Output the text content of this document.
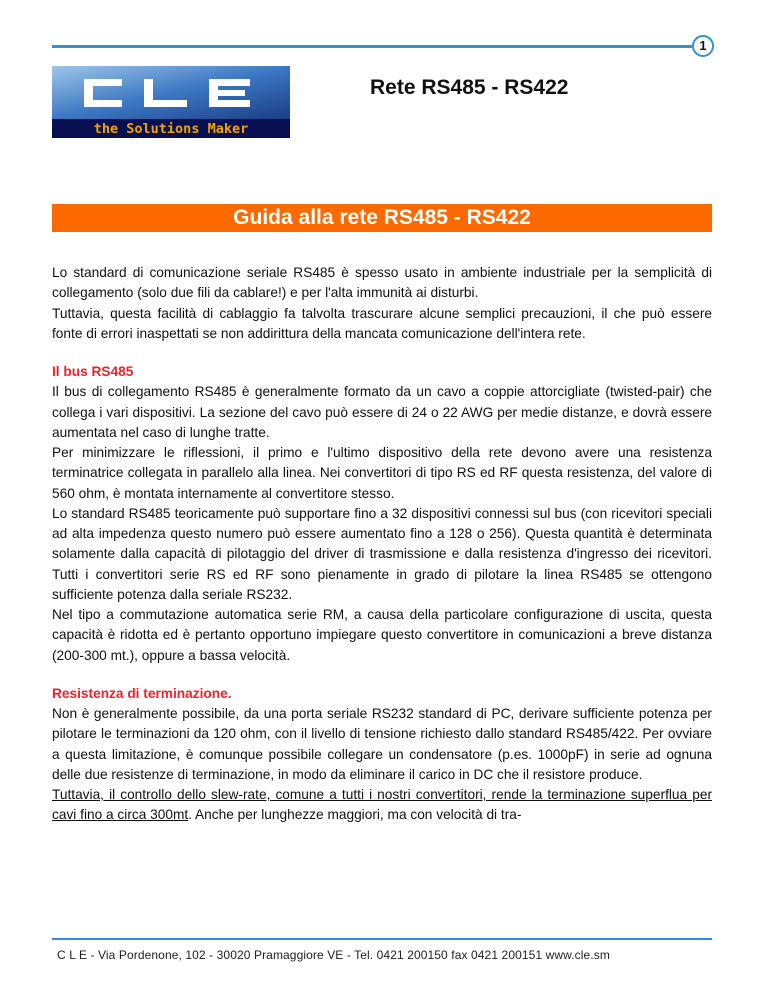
1
the Solutions Maker
Rete RS485 - RS422
Guida alla rete RS485 - RS422

Lo standard di comunicazione seriale RS485 è spesso usato in ambiente industriale per la semplicità di collegamento (solo due fili da cablare!) e per l'alta immunità ai disturbi.

Tuttavia, questa facilità di cablaggio fa talvolta trascurare alcune semplici precauzioni, il che può essere fonte di errori inaspettati se non addirittura della mancata comunicazione dell'intera rete.

Il bus RS485

Il bus di collegamento RS485 è generalmente formato da un cavo a coppie attorcigliate (twisted-pair) che collega i vari dispositivi. La sezione del cavo può essere di 24 o 22 AWG per medie distanze, e dovrà essere aumentata nel caso di lunghe tratte.

Per minimizzare le riflessioni, il primo e l'ultimo dispositivo della rete devono avere una resistenza terminatrice collegata in parallelo alla linea. Nei convertitori di tipo RS ed RF questa resistenza, del valore di 560 ohm, è montata internamente al convertitore stesso.

Lo standard RS485 teoricamente può supportare fino a 32 dispositivi connessi sul bus (con ricevitori speciali ad alta impedenza questo numero può essere aumentato fino a 128 o 256). Questa quantità è determinata solamente dalla capacità di pilotaggio del driver di trasmissione e dalla resistenza d'ingresso dei ricevitori. Tutti i convertitori serie RS ed RF sono pienamente in grado di pilotare la linea RS485 se ottengono sufficiente potenza dalla seriale RS232.

Nel tipo a commutazione automatica serie RM, a causa della particolare configurazione di uscita, questa capacità è ridotta ed è pertanto opportuno impiegare questo convertitore in comunicazioni a breve distanza (200-300 mt.), oppure a bassa velocità.

Resistenza di terminazione.

Non è generalmente possibile, da una porta seriale RS232 standard di PC, derivare sufficiente potenza per pilotare le terminazioni da 120 ohm, con il livello di tensione richiesto dallo standard RS485/422. Per ovviare a questa limitazione, è comunque possibile collegare un condensatore (p.es. 1000pF) in serie ad ognuna delle due resistenze di terminazione, in modo da eliminare il carico in DC che il resistore produce.

Tuttavia, il controllo dello slew-rate, comune a tutti i nostri convertitori, rende la terminazione superflua per cavi fino a circa 300mt. Anche per lunghezze maggiori, ma con velocità di tra-

C L E - Via Pordenone, 102 - 30020 Pramaggiore VE - Tel. 0421 200150 fax 0421 200151 www.cle.sm
